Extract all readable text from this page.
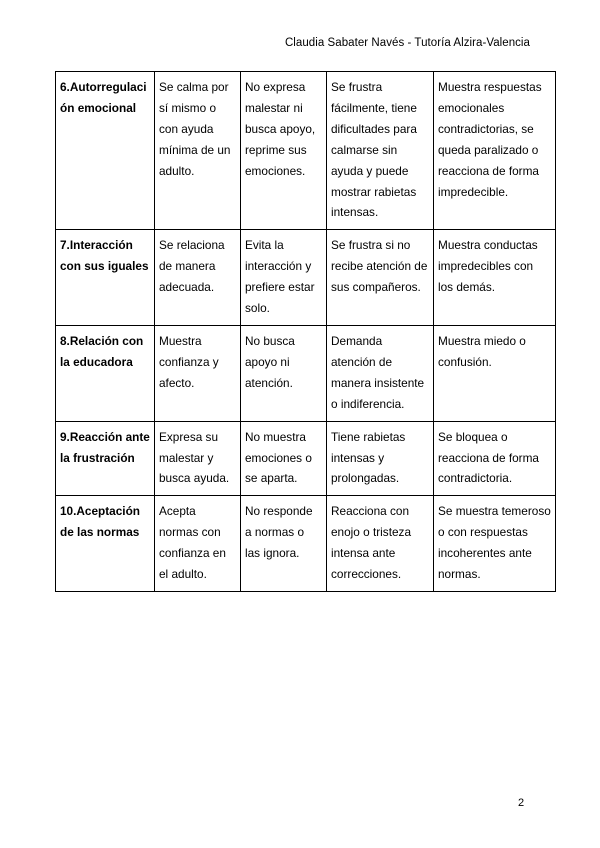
Claudia Sabater Navés - Tutoría Alzira-Valencia
6.Autorregulación emocional	Se calma por sí mismo o con ayuda mínima de un adulto.	No expresa malestar ni busca apoyo, reprime sus emociones.	Se frustra fácilmente, tiene dificultades para calmarse sin ayuda y puede mostrar rabietas intensas.	Muestra respuestas emocionales contradictorias, se queda paralizado o reacciona de forma impredecible.
7.Interacción con sus iguales	Se relaciona de manera adecuada.	Evita la interacción y prefiere estar solo.	Se frustra si no recibe atención de sus compañeros.	Muestra conductas impredecibles con los demás.
8.Relación con la educadora	Muestra confianza y afecto.	No busca apoyo ni atención.	Demanda atención de manera insistente o indiferencia.	Muestra miedo o confusión.
9.Reacción ante la frustración	Expresa su malestar y busca ayuda.	No muestra emociones o se aparta.	Tiene rabietas intensas y prolongadas.	Se bloquea o reacciona de forma contradictoria.
10.Aceptación de las normas	Acepta normas con confianza en el adulto.	No responde a normas o las ignora.	Reacciona con enojo o tristeza intensa ante correcciones.	Se muestra temeroso o con respuestas incoherentes ante normas.
2
